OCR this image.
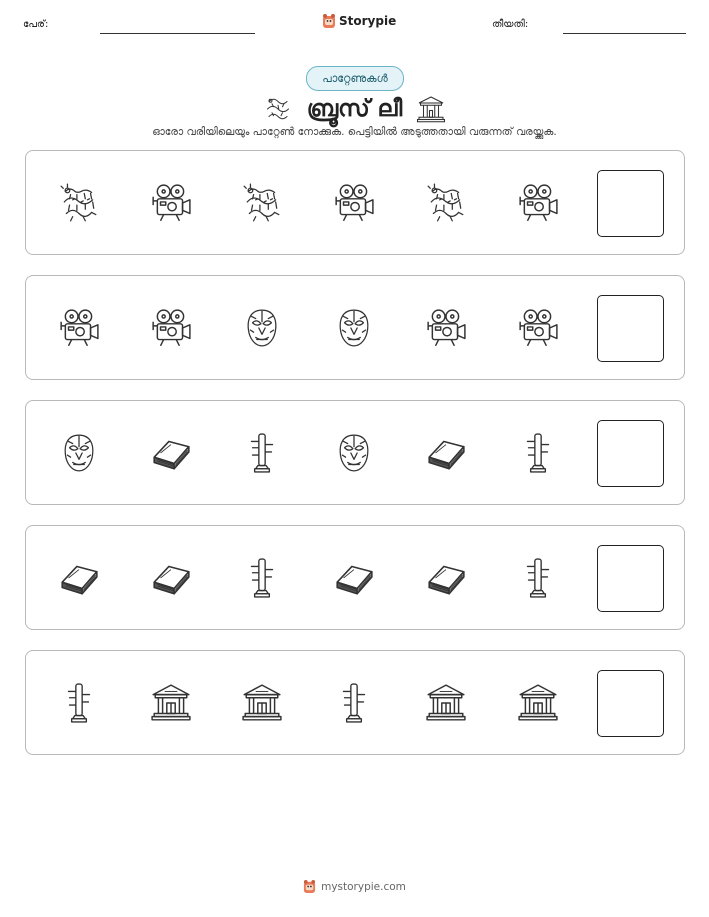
പേര്:	Storypie	തീയതി:
പാറ്റേണുകൾ
ബ്രൂസ് ലീ
ഓരോ വരിയിലെയും പാറ്റേൺ നോക്കുക. പെട്ടിയിൽ അടുത്തതായി വരുന്നത് വരയ്ക്കുക.
mystorypie.com
